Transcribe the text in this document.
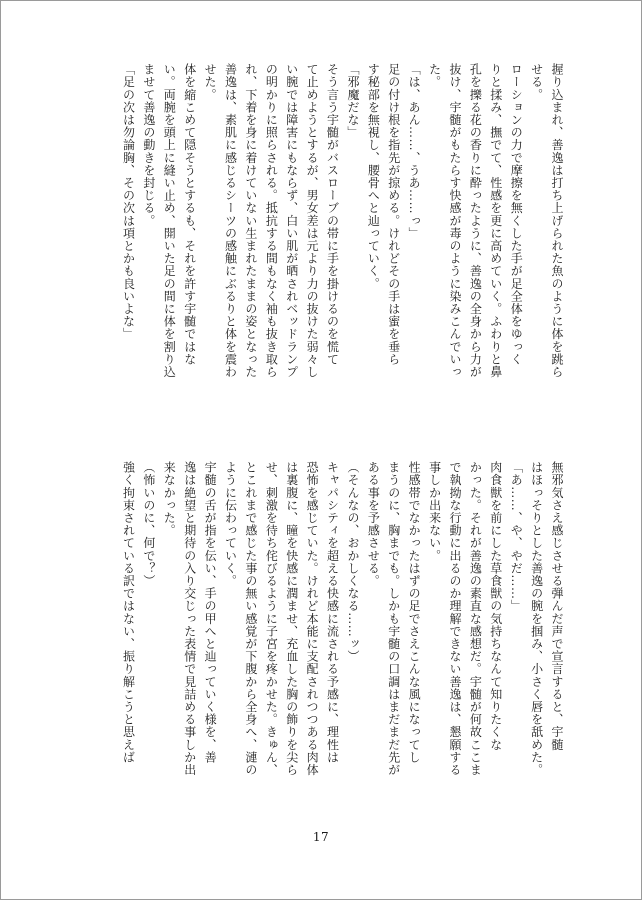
握り込まれ、善逸は打ち上げられた魚のように体を跳ら
せる。
ローションの力で摩擦を無くした手が足全体をゆっく
りと揉み、撫でて、性感を更に高めていく。ふわりと鼻
孔を擽る花の香りに酔ったように、善逸の全身から力が
抜け、宇髄がもたらす快感が毒のように染みこんでいっ
た。
「は、あん……、うあ……っ」
足の付け根を指先が掠める。けれどその手は蜜を垂ら
す秘部を無視し、腰骨へと辿っていく。
「邪魔だな」
そう言う宇髄がバスローブの帯に手を掛けるのを慌て
て止めようとするが、男女差は元より力の抜けた弱々し
い腕では障害にもならず、白い肌が晒されベッドランプ
の明かりに照らされる。抵抗する間もなく袖も抜き取ら
れ、下着を身に着けていない生まれたままの姿となった
善逸は、素肌に感じるシーツの感触にぶるりと体を震わ
せた。
体を縮こめて隠そうとするも、それを許す宇髄ではな
い。両腕を頭上に縫い止め、開いた足の間に体を割り込
ませて善逸の動きを封じる。
「足の次は勿論胸、その次は項とかも良いよな」
無邪気さえ感じさせる弾んだ声で宣言すると、宇髄
はほっそりとした善逸の腕を掴み、小さく唇を舐めた。
「あ……、や、やだ……」
肉食獣を前にした草食獣の気持ちなんて知りたくな
かった。それが善逸の素直な感想だ。宇髄が何故ここま
で執拗な行動に出るのか理解できない善逸は、懇願する
事しか出来ない。
性感帯でなかったはずの足でさえこんな風になってし
まうのに、胸までも。しかも宇髄の口調はまだまだ先が
ある事を予感させる。
（そんなの、おかしくなる……ッ）
キャパシティを超える快感に流される予感に、理性は
恐怖を感じていた。けれど本能に支配されつつある肉体
は裏腹に、瞳を快感に潤ませ、充血した胸の飾りを尖ら
せ、刺激を待ち侘びるように子宮を疼かせた。きゅん、
とこれまで感じた事の無い感覚が下腹から全身へ、漣の
ように伝わっていく。
宇髄の舌が指を伝い、手の甲へと辿っていく様を、善
逸は絶望と期待の入り交じった表情で見詰める事しか出
来なかった。
（怖いのに、何で？）
強く拘束されている訳ではない、振り解こうと思えば
17
